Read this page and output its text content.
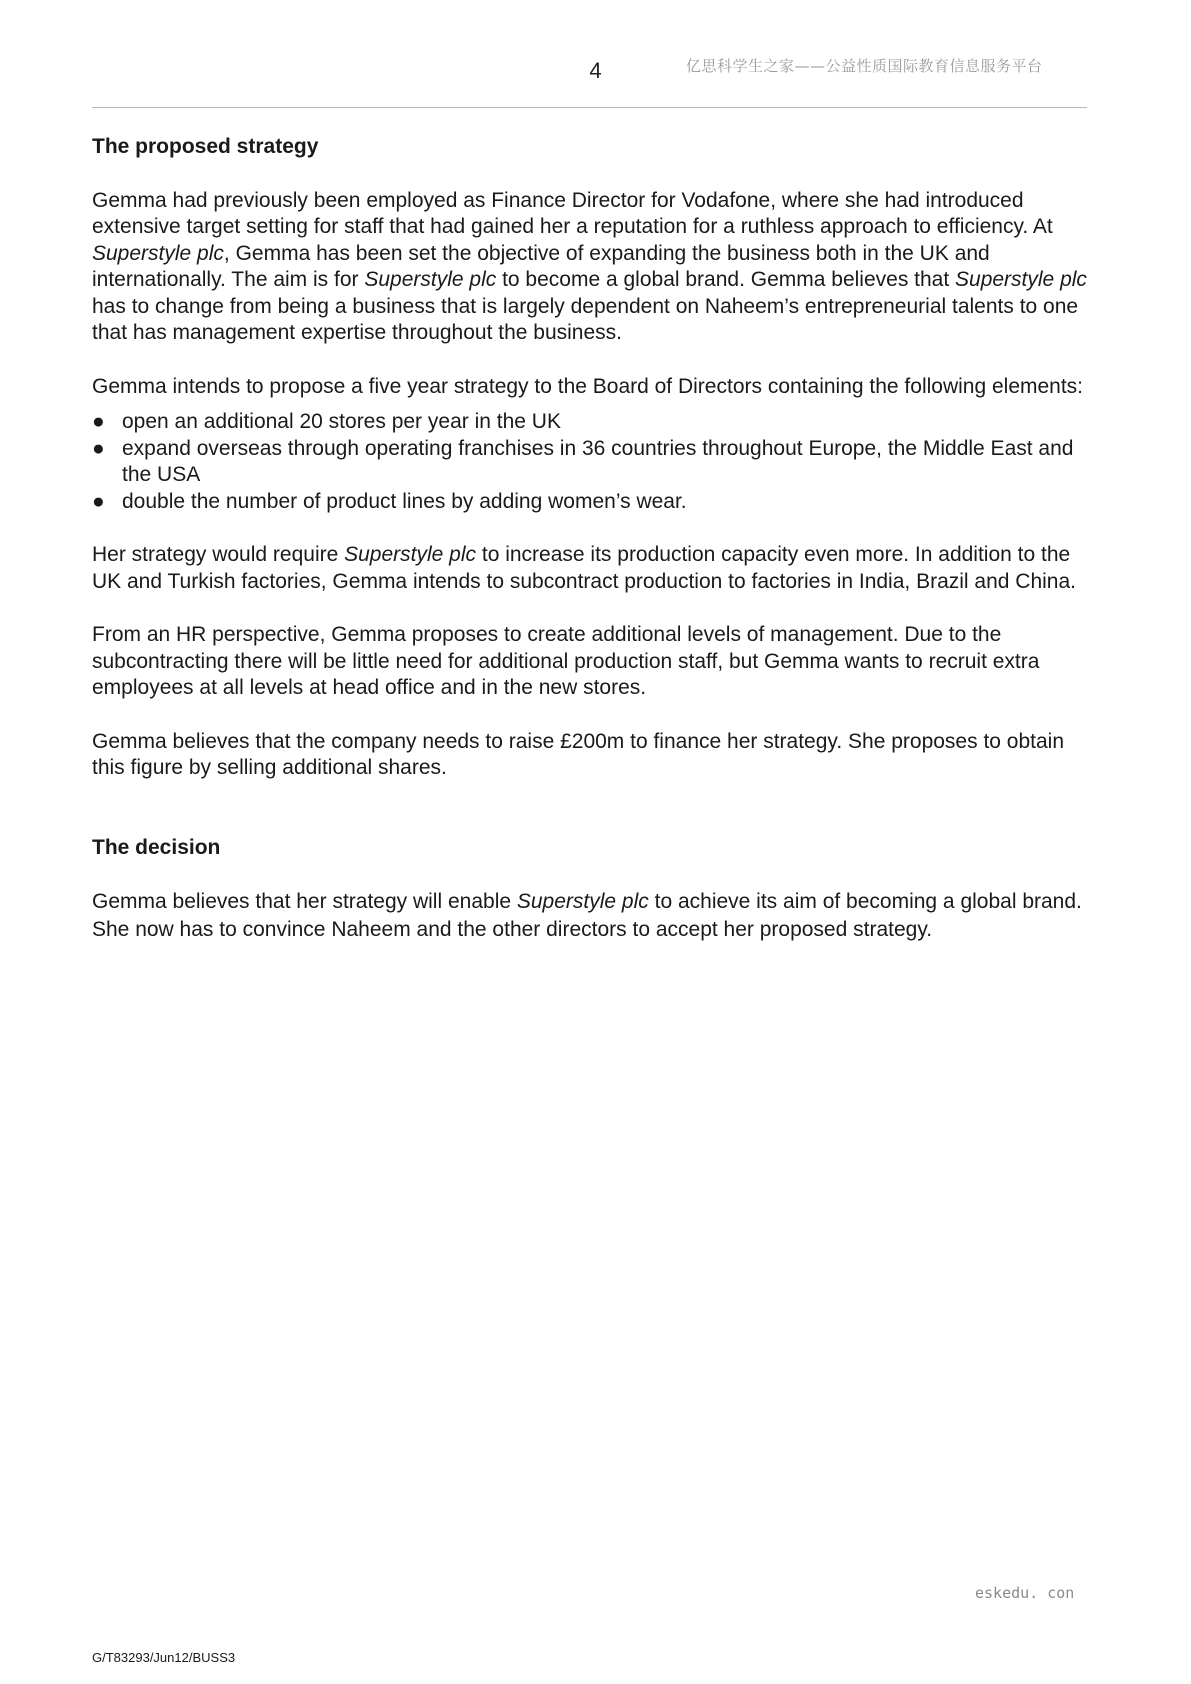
4	亿思科学生之家——公益性质国际教育信息服务平台
The proposed strategy

Gemma had previously been employed as Finance Director for Vodafone, where she had introduced extensive target setting for staff that had gained her a reputation for a ruthless approach to efficiency. At Superstyle plc, Gemma has been set the objective of expanding the business both in the UK and internationally. The aim is for Superstyle plc to become a global brand. Gemma believes that Superstyle plc has to change from being a business that is largely dependent on Naheem’s entrepreneurial talents to one that has management expertise throughout the business.

Gemma intends to propose a five year strategy to the Board of Directors containing the following elements:

● open an additional 20 stores per year in the UK
● expand overseas through operating franchises in 36 countries throughout Europe, the Middle East and the USA
● double the number of product lines by adding women’s wear.

Her strategy would require Superstyle plc to increase its production capacity even more. In addition to the UK and Turkish factories, Gemma intends to subcontract production to factories in India, Brazil and China.

From an HR perspective, Gemma proposes to create additional levels of management. Due to the subcontracting there will be little need for additional production staff, but Gemma wants to recruit extra employees at all levels at head office and in the new stores.

Gemma believes that the company needs to raise £200m to finance her strategy. She proposes to obtain this figure by selling additional shares.

The decision

Gemma believes that her strategy will enable Superstyle plc to achieve its aim of becoming a global brand. She now has to convince Naheem and the other directors to accept her proposed strategy.

eskedu. con
G/T83293/Jun12/BUSS3
